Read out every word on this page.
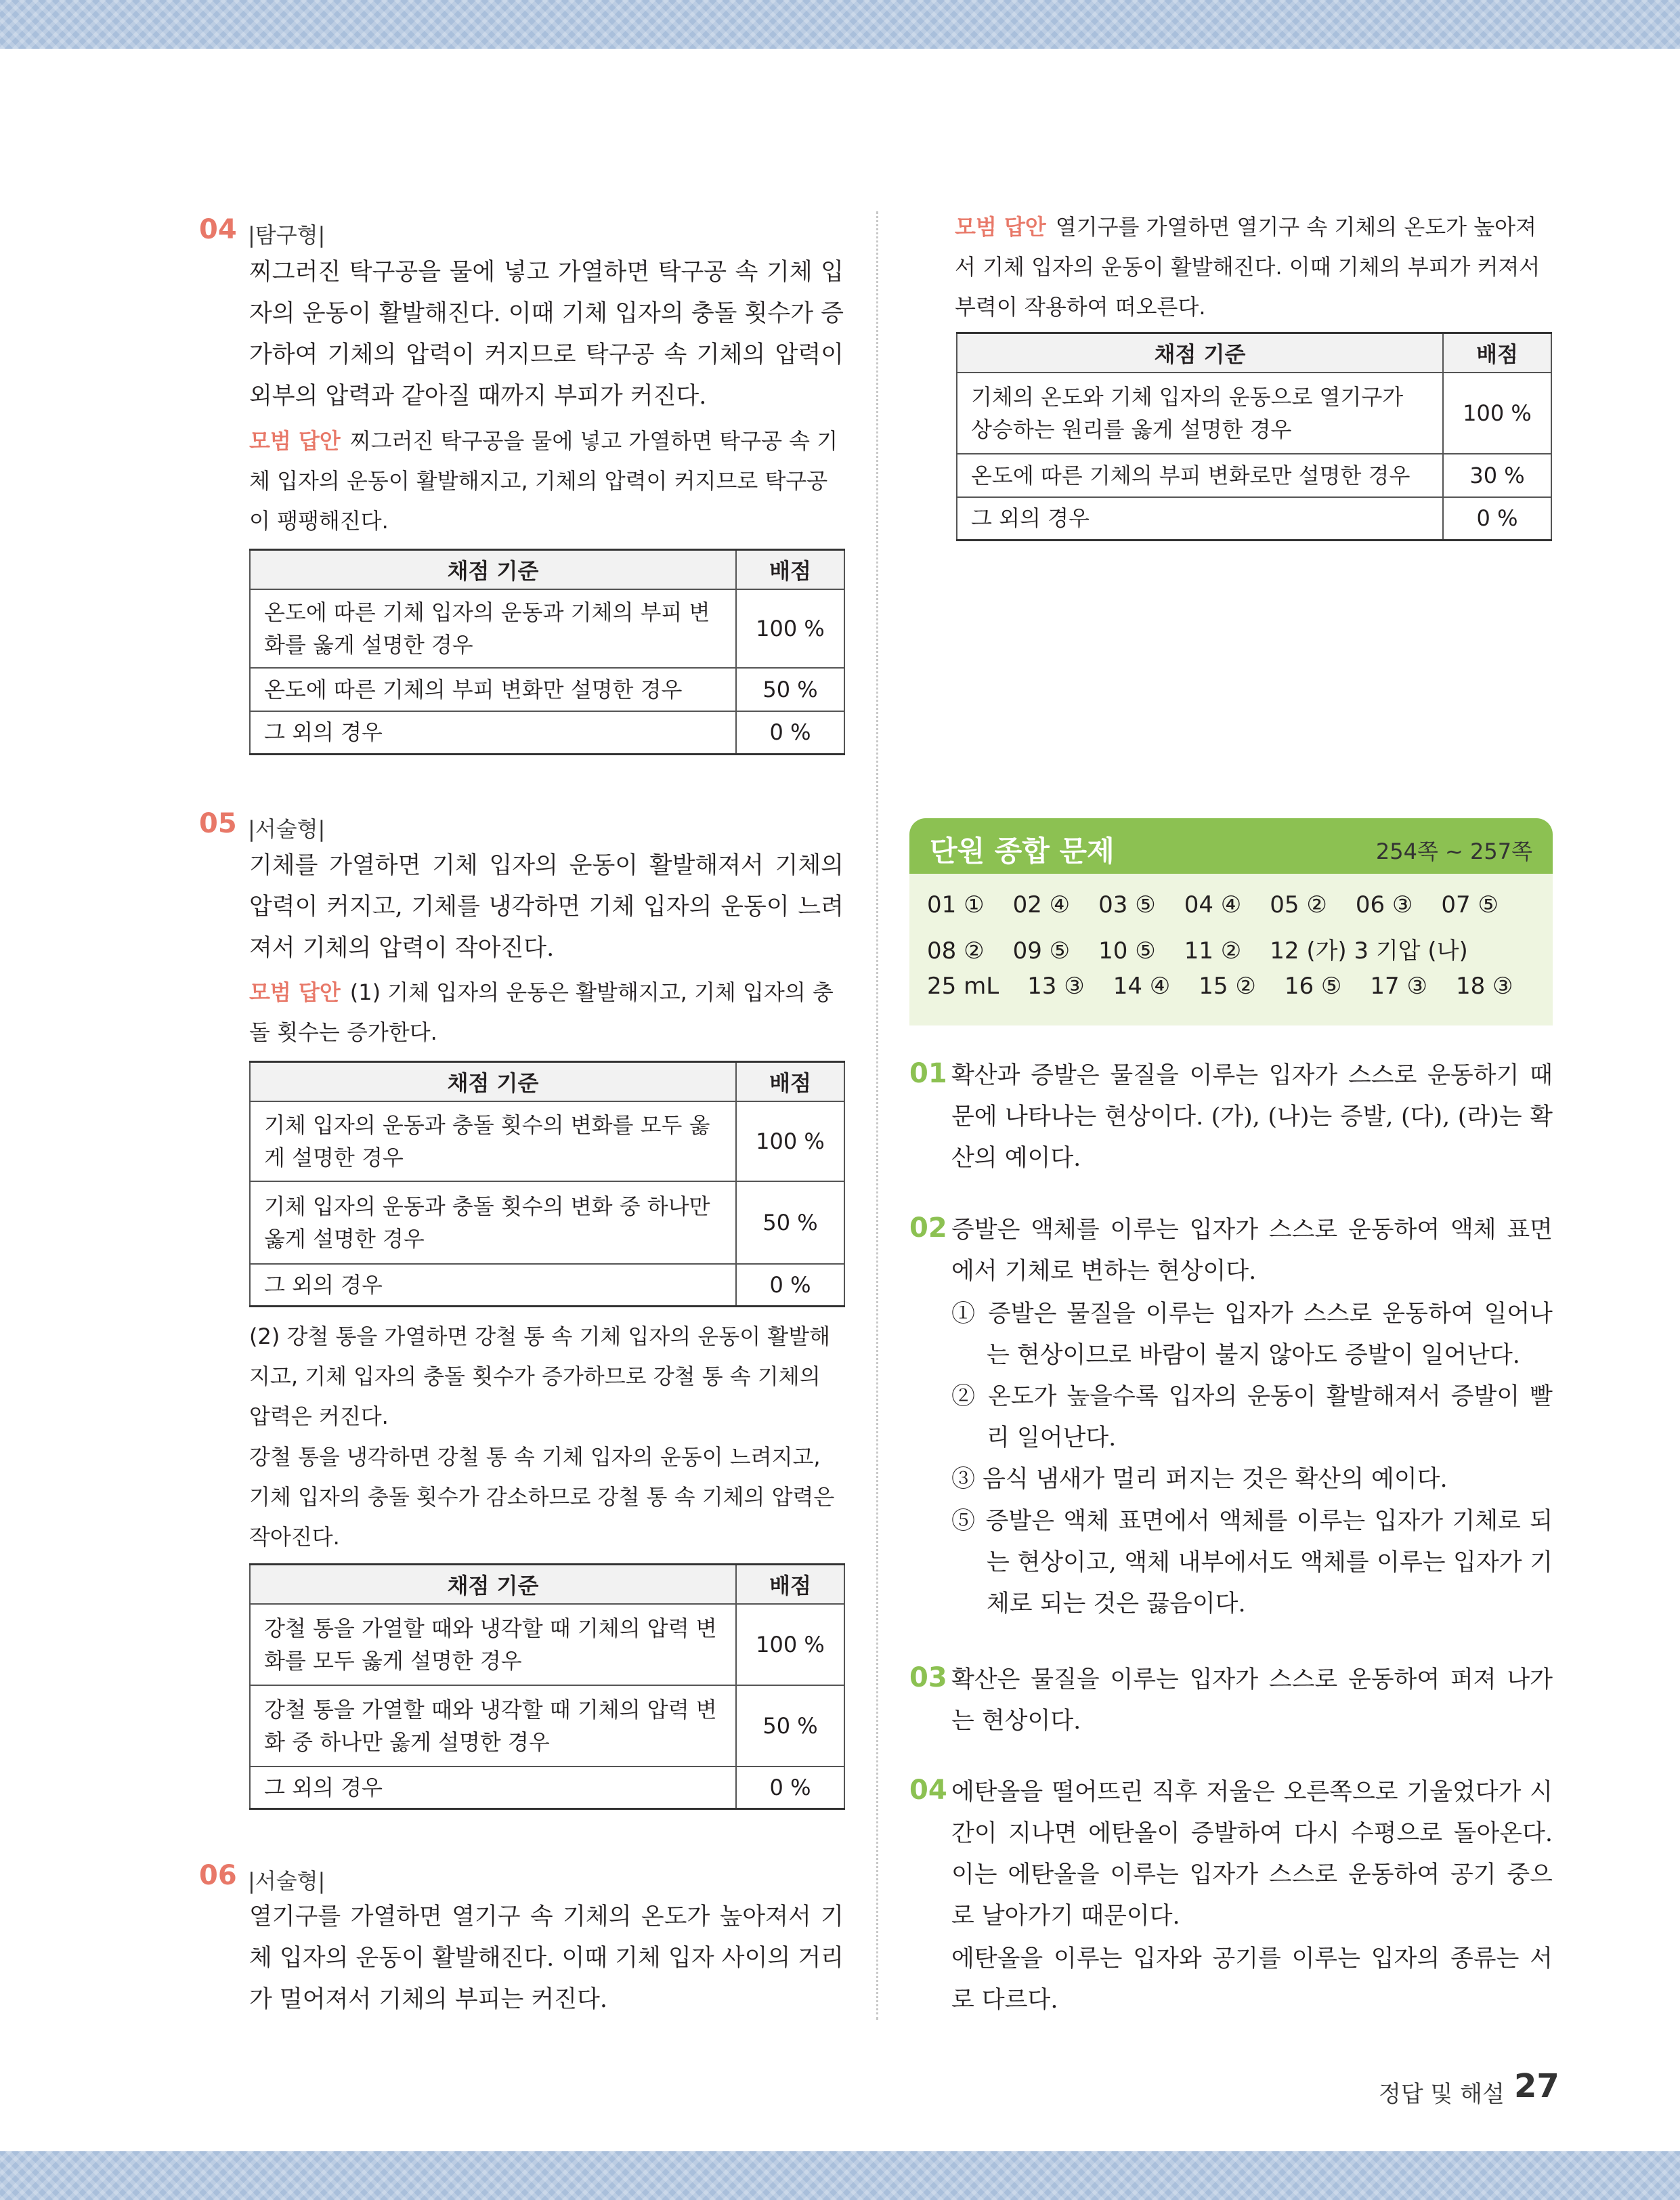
04 |탐구형|
찌그러진 탁구공을 물에 넣고 가열하면 탁구공 속 기체 입자의 운동이 활발해진다. 이때 기체 입자의 충돌 횟수가 증가하여 기체의 압력이 커지므로 탁구공 속 기체의 압력이 외부의 압력과 같아질 때까지 부피가 커진다.
모범 답안 찌그러진 탁구공을 물에 넣고 가열하면 탁구공 속 기체 입자의 운동이 활발해지고, 기체의 압력이 커지므로 탁구공이 팽팽해진다.
채점 기준	배점
온도에 따른 기체 입자의 운동과 기체의 부피 변화를 옳게 설명한 경우	100 %
온도에 따른 기체의 부피 변화만 설명한 경우	50 %
그 외의 경우	0 %
05 |서술형|
기체를 가열하면 기체 입자의 운동이 활발해져서 기체의 압력이 커지고, 기체를 냉각하면 기체 입자의 운동이 느려져서 기체의 압력이 작아진다.
모범 답안 (1) 기체 입자의 운동은 활발해지고, 기체 입자의 충돌 횟수는 증가한다.
채점 기준	배점
기체 입자의 운동과 충돌 횟수의 변화를 모두 옳게 설명한 경우	100 %
기체 입자의 운동과 충돌 횟수의 변화 중 하나만 옳게 설명한 경우	50 %
그 외의 경우	0 %
(2) 강철 통을 가열하면 강철 통 속 기체 입자의 운동이 활발해지고, 기체 입자의 충돌 횟수가 증가하므로 강철 통 속 기체의 압력은 커진다.
강철 통을 냉각하면 강철 통 속 기체 입자의 운동이 느려지고, 기체 입자의 충돌 횟수가 감소하므로 강철 통 속 기체의 압력은 작아진다.
채점 기준	배점
강철 통을 가열할 때와 냉각할 때 기체의 압력 변화를 모두 옳게 설명한 경우	100 %
강철 통을 가열할 때와 냉각할 때 기체의 압력 변화 중 하나만 옳게 설명한 경우	50 %
그 외의 경우	0 %
06 |서술형|
열기구를 가열하면 열기구 속 기체의 온도가 높아져서 기체 입자의 운동이 활발해진다. 이때 기체 입자 사이의 거리가 멀어져서 기체의 부피는 커진다.
모범 답안 열기구를 가열하면 열기구 속 기체의 온도가 높아져서 기체 입자의 운동이 활발해진다. 이때 기체의 부피가 커져서 부력이 작용하여 떠오른다.
채점 기준	배점
기체의 온도와 기체 입자의 운동으로 열기구가 상승하는 원리를 옳게 설명한 경우	100 %
온도에 따른 기체의 부피 변화로만 설명한 경우	30 %
그 외의 경우	0 %
단원 종합 문제	254쪽 ~ 257쪽
01 ① 02 ④ 03 ⑤ 04 ④ 05 ② 06 ③ 07 ⑤
08 ② 09 ⑤ 10 ⑤ 11 ② 12 (가) 3 기압 (나)
25 mL 13 ③ 14 ④ 15 ② 16 ⑤ 17 ③ 18 ③
01 확산과 증발은 물질을 이루는 입자가 스스로 운동하기 때문에 나타나는 현상이다. (가), (나)는 증발, (다), (라)는 확산의 예이다.
02 증발은 액체를 이루는 입자가 스스로 운동하여 액체 표면에서 기체로 변하는 현상이다.
① 증발은 물질을 이루는 입자가 스스로 운동하여 일어나는 현상이므로 바람이 불지 않아도 증발이 일어난다.
② 온도가 높을수록 입자의 운동이 활발해져서 증발이 빨리 일어난다.
③ 음식 냄새가 멀리 퍼지는 것은 확산의 예이다.
⑤ 증발은 액체 표면에서 액체를 이루는 입자가 기체로 되는 현상이고, 액체 내부에서도 액체를 이루는 입자가 기체로 되는 것은 끓음이다.
03 확산은 물질을 이루는 입자가 스스로 운동하여 퍼져 나가는 현상이다.
04 에탄올을 떨어뜨린 직후 저울은 오른쪽으로 기울었다가 시간이 지나면 에탄올이 증발하여 다시 수평으로 돌아온다. 이는 에탄올을 이루는 입자가 스스로 운동하여 공기 중으로 날아가기 때문이다.
에탄올을 이루는 입자와 공기를 이루는 입자의 종류는 서로 다르다.
정답 및 해설 27
